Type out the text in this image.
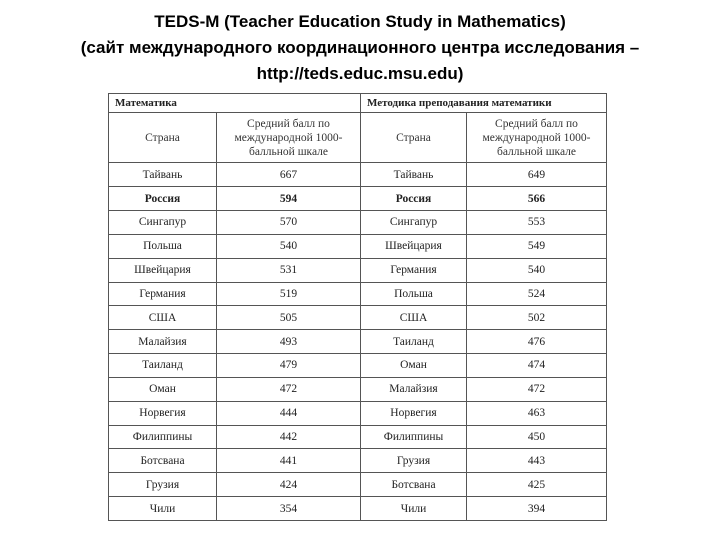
TEDS-M (Teacher Education Study in Mathematics)
(сайт международного координационного центра исследования –
http://teds.educ.msu.edu)
Математика		Методика преподавания математики	
Страна	Средний балл по международной 1000-балльной шкале	Страна	Средний балл по международной 1000-балльной шкале
Тайвань	667	Тайвань	649
Россия	594	Россия	566
Сингапур	570	Сингапур	553
Польша	540	Швейцария	549
Швейцария	531	Германия	540
Германия	519	Польша	524
США	505	США	502
Малайзия	493	Таиланд	476
Таиланд	479	Оман	474
Оман	472	Малайзия	472
Норвегия	444	Норвегия	463
Филиппины	442	Филиппины	450
Ботсвана	441	Грузия	443
Грузия	424	Ботсвана	425
Чили	354	Чили	394
